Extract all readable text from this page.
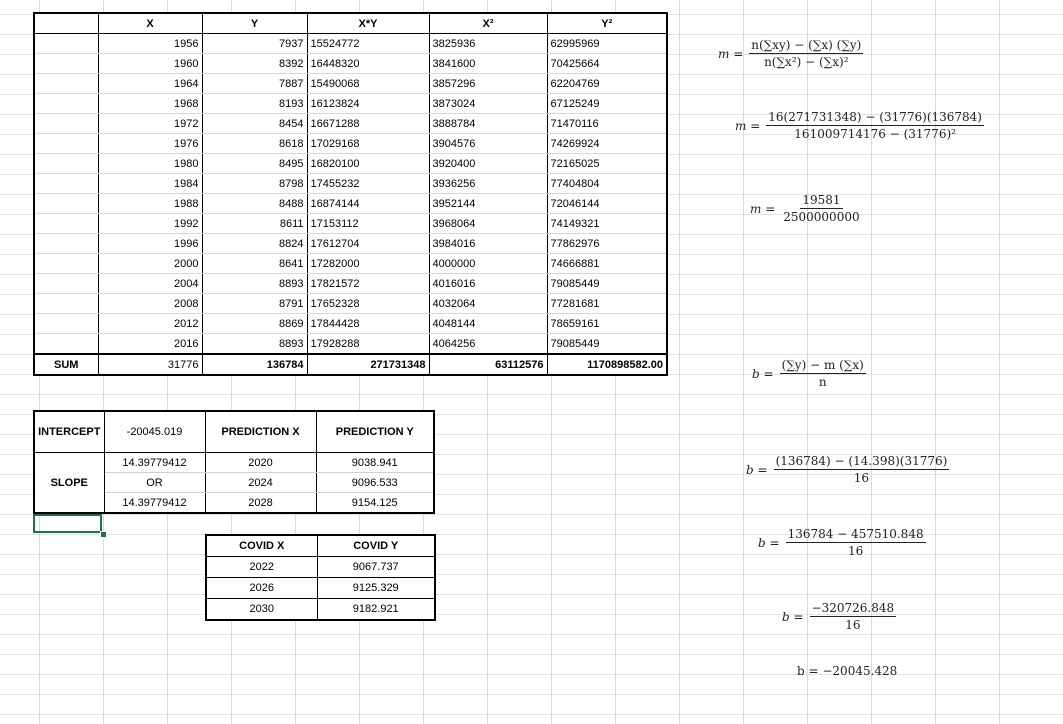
	X	Y	X*Y	X²	Y²
	1956	7937	15524772	3825936	62995969
	1960	8392	16448320	3841600	70425664
	1964	7887	15490068	3857296	62204769
	1968	8193	16123824	3873024	67125249
	1972	8454	16671288	3888784	71470116
	1976	8618	17029168	3904576	74269924
	1980	8495	16820100	3920400	72165025
	1984	8798	17455232	3936256	77404804
	1988	8488	16874144	3952144	72046144
	1992	8611	17153112	3968064	74149321
	1996	8824	17612704	3984016	77862976
	2000	8641	17282000	4000000	74666881
	2004	8893	17821572	4016016	79085449
	2008	8791	17652328	4032064	77281681
	2012	8869	17844428	4048144	78659161
	2016	8893	17928288	4064256	79085449
SUM	31776	136784	271731348	63112576	1170898582.00
INTERCEPT	-20045.019	PREDICTION X	PREDICTION Y
SLOPE	14.39779412	2020	9038.941
	OR	2024	9096.533
	14.39779412	2028	9154.125
COVID X	COVID Y
2022	9067.737
2026	9125.329
2030	9182.921
$m = \frac{n(\sum xy) - (\sum x) (\sum y)}{\text{n(∑x²) − (∑x)²}}$
$m = \frac{16(271731348) - (31776)(136784)}{\text{161009714176 − (31776)²}}$
$m = \frac{19581}{2500000000}$
$b = \frac{(\sum y) - m (\sum x)}{n}$
$b = \frac{(136784) - (14.398)(31776)}{16}$
$b = \frac{136784 - 457510.848}{16}$
$b = \frac{-320726.848}{16}$
b = −20045.428
